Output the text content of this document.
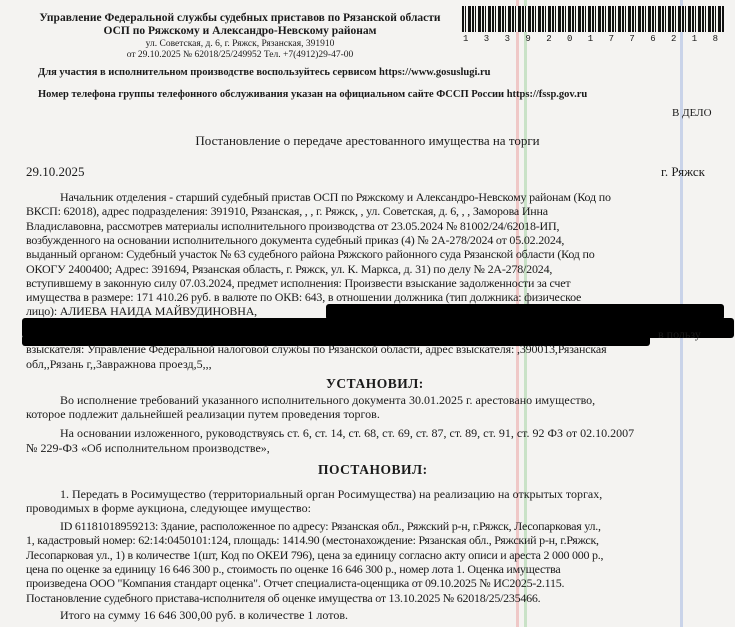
Управление Федеральной службы судебных приставов по Рязанской области
ОСП по Ряжскому и Александро-Невскому районам
ул. Советская, д. 6, г. Ряжск, Рязанская, 391910
от 29.10.2025 № 62018/25/249952 Тел. +7(4912)29-47-00
1 3 3 9 2 0 1 7 7 6 2 1 8
Для участия в исполнительном производстве воспользуйтесь сервисом https://www.gosuslugi.ru
Номер телефона группы телефонного обслуживания указан на официальном сайте ФССП России https://fssp.gov.ru
В ДЕЛО
Постановление о передаче арестованного имущества на торги
29.10.2025	г. Ряжск
Начальник отделения - старший судебный пристав ОСП по Ряжскому и Александро-Невскому районам (Код по
ВКСП: 62018), адрес подразделения: 391910, Рязанская, , , г. Ряжск, , ул. Советская, д. 6, , , Заморова Инна
Владиславовна, рассмотрев материалы исполнительного производства от 23.05.2024 № 81002/24/62018-ИП,
возбужденного на основании исполнительного документа судебный приказ (4) № 2А-278/2024 от 05.02.2024,
выданный органом: Судебный участок № 63 судебного района Ряжского районного суда Рязанской области (Код по
ОКОГУ 2400400; Адрес: 391694, Рязанская область, г. Ряжск, ул. К. Маркса, д. 31) по делу № 2А-278/2024,
вступившему в законную силу 07.03.2024, предмет исполнения: Произвести взыскание задолженности за счет
имущества в размере: 171 410.26 руб. в валюте по ОКВ: 643, в отношении должника (тип должника: физическое
лицо): АЛИЕВА НАИДА МАЙВУДИНОВНА,
в пользу
взыскателя: Управление Федеральной налоговой службы по Рязанской области, адрес взыскателя: ,390013,Рязанская
обл,,Рязань г,,Завражнова проезд,5,,,
УСТАНОВИЛ:
Во исполнение требований указанного исполнительного документа 30.01.2025 г. арестовано имущество,
которое подлежит дальнейшей реализации путем проведения торгов.
На основании изложенного, руководствуясь ст. 6, ст. 14, ст. 68, ст. 69, ст. 87, ст. 89, ст. 91, ст. 92 ФЗ от 02.10.2007
№ 229-ФЗ «Об исполнительном производстве»,
ПОСТАНОВИЛ:
1. Передать в Росимущество (территориальный орган Росимущества) на реализацию на открытых торгах,
проводимых в форме аукциона, следующее имущество:
ID 61181018959213: Здание, расположенное по адресу: Рязанская обл., Ряжский р-н, г.Ряжск, Лесопарковая ул.,
1, кадастровый номер: 62:14:0450101:124, площадь: 1414.90 (местонахождение: Рязанская обл., Ряжский р-н, г.Ряжск,
Лесопарковая ул., 1) в количестве 1(шт, Код по ОКЕИ 796), цена за единицу согласно акту описи и ареста 2 000 000 р.,
цена по оценке за единицу 16 646 300 р., стоимость по оценке 16 646 300 р., номер лота 1. Оценка имущества
произведена ООО "Компания стандарт оценка". Отчет специалиста-оценщика от 09.10.2025 № ИС2025-2.115.
Постановление судебного пристава-исполнителя об оценке имущества от 13.10.2025 № 62018/25/235466.
Итого на сумму 16 646 300,00 руб. в количестве 1 лотов.
